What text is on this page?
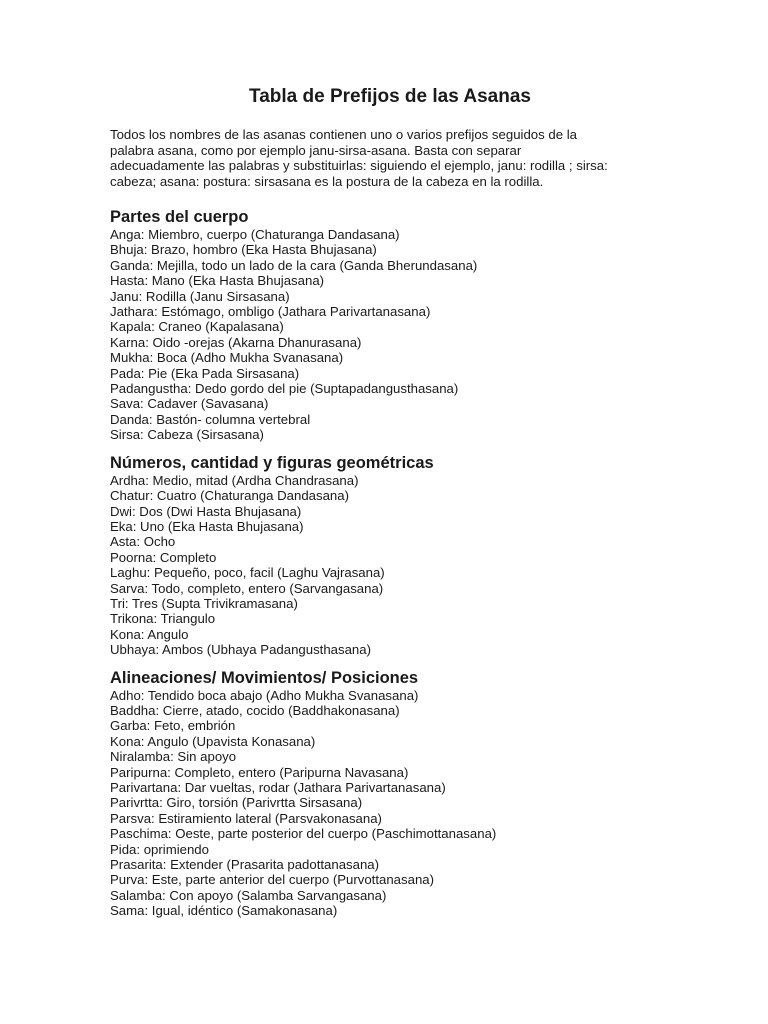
Tabla de Prefijos de las Asanas

Todos los nombres de las asanas contienen uno o varios prefijos seguidos de la
palabra asana, como por ejemplo janu-sirsa-asana. Basta con separar
adecuadamente las palabras y substituirlas: siguiendo el ejemplo, janu: rodilla ; sirsa:
cabeza; asana: postura: sirsasana es la postura de la cabeza en la rodilla.

Partes del cuerpo
Anga: Miembro, cuerpo (Chaturanga Dandasana)
Bhuja: Brazo, hombro (Eka Hasta Bhujasana)
Ganda: Mejilla, todo un lado de la cara (Ganda Bherundasana)
Hasta: Mano (Eka Hasta Bhujasana)
Janu: Rodilla (Janu Sirsasana)
Jathara: Estómago, ombligo (Jathara Parivartanasana)
Kapala: Craneo (Kapalasana)
Karna: Oido -orejas (Akarna Dhanurasana)
Mukha: Boca (Adho Mukha Svanasana)
Pada: Pie (Eka Pada Sirsasana)
Padangustha: Dedo gordo del pie (Suptapadangusthasana)
Sava: Cadaver (Savasana)
Danda: Bastón- columna vertebral
Sirsa: Cabeza (Sirsasana)
Números, cantidad y figuras geométricas
Ardha: Medio, mitad (Ardha Chandrasana)
Chatur: Cuatro (Chaturanga Dandasana)
Dwi: Dos (Dwi Hasta Bhujasana)
Eka: Uno (Eka Hasta Bhujasana)
Asta: Ocho
Poorna: Completo
Laghu: Pequeño, poco, facil (Laghu Vajrasana)
Sarva: Todo, completo, entero (Sarvangasana)
Tri: Tres (Supta Trivikramasana)
Trikona: Triangulo
Kona: Angulo
Ubhaya: Ambos (Ubhaya Padangusthasana)
Alineaciones/ Movimientos/ Posiciones
Adho: Tendido boca abajo (Adho Mukha Svanasana)
Baddha: Cierre, atado, cocido (Baddhakonasana)
Garba: Feto, embrión
Kona: Angulo (Upavista Konasana)
Niralamba: Sin apoyo
Paripurna: Completo, entero (Paripurna Navasana)
Parivartana: Dar vueltas, rodar (Jathara Parivartanasana)
Parivrtta: Giro, torsión (Parivrtta Sirsasana)
Parsva: Estiramiento lateral (Parsvakonasana)
Paschima: Oeste, parte posterior del cuerpo (Paschimottanasana)
Pida: oprimiendo
Prasarita: Extender (Prasarita padottanasana)
Purva: Este, parte anterior del cuerpo (Purvottanasana)
Salamba: Con apoyo (Salamba Sarvangasana)
Sama: Igual, idéntico (Samakonasana)
